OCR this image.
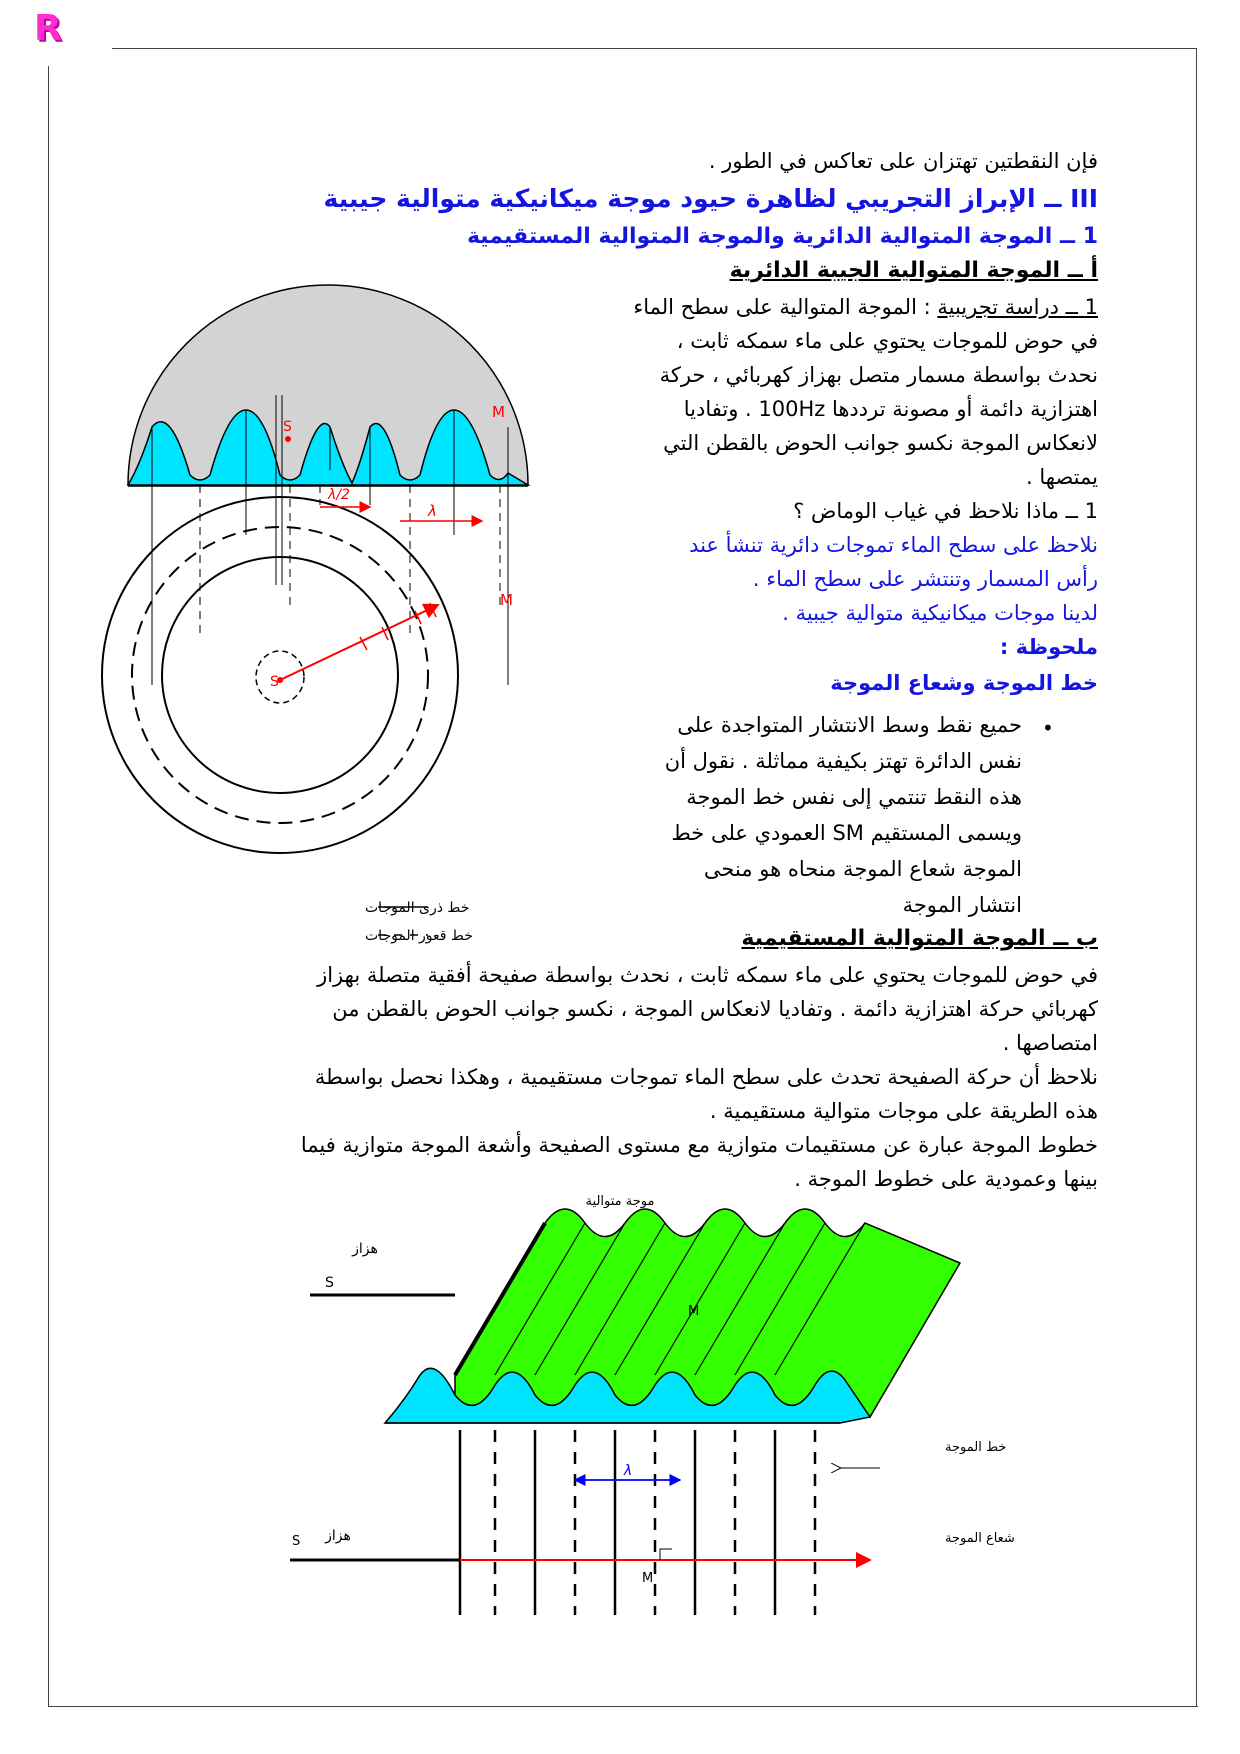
R
فإن النقطتين تهتزان على تعاكس في الطور .
III ــ الإبراز التجريبي لظاهرة حيود موجة ميكانيكية متوالية جيبية
1 ــ الموجة المتوالية الدائرية والموجة المتوالية المستقيمية
أ ــ الموجة المتوالية الجيبة الدائرية
1 ــ دراسة تجريبية : الموجة المتوالية على سطح الماء
في حوض للموجات يحتوي على ماء سمكه ثابت ،
نحدث بواسطة مسمار متصل بهزاز كهربائي ، حركة
اهتزازية دائمة أو مصونة ترددها 100Hz . وتفاديا
لانعكاس الموجة نكسو جوانب الحوض بالقطن التي
يمتصها .
1 ــ ماذا نلاحظ في غياب الوماض ؟
نلاحظ على سطح الماء تموجات دائرية تنشأ عند
رأس المسمار وتنتشر على سطح الماء .
لدينا موجات ميكانيكية متوالية جيبية .
ملحوظة :
خط الموجة وشعاع الموجة
•
حميع نقط وسط الانتشار المتواجدة على
نفس الدائرة تهتز بكيفية مماثلة . نقول أن
هذه النقط تنتمي إلى نفس خط الموجة
ويسمى المستقيم SM العمودي على خط
الموجة شعاع الموجة منحاه هو منحى
انتشار الموجة
ب ــ الموجة المتوالية المستقيمية
في حوض للموجات يحتوي على ماء سمكه ثابت ، نحدث بواسطة صفيحة أفقية متصلة بهزاز
كهربائي حركة اهتزازية دائمة . وتفاديا لانعكاس الموجة ، نكسو جوانب الحوض بالقطن من
امتصاصها .
نلاحظ أن حركة الصفيحة تحدث على سطح الماء تموجات مستقيمية ، وهكذا نحصل بواسطة
هذه الطريقة على موجات متوالية مستقيمية .
خطوط الموجة عبارة عن مستقيمات متوازية مع مستوى الصفيحة وأشعة الموجة متوازية فيما
بينها وعمودية على خطوط الموجة .
M
S
λ/2
λ
M
S
خط ذرى الموجات
خط قعور الموجات
موجة متوالية
هزاز
S
M
λ
خط الموجة
S هزاز	شعاع الموجة
M
